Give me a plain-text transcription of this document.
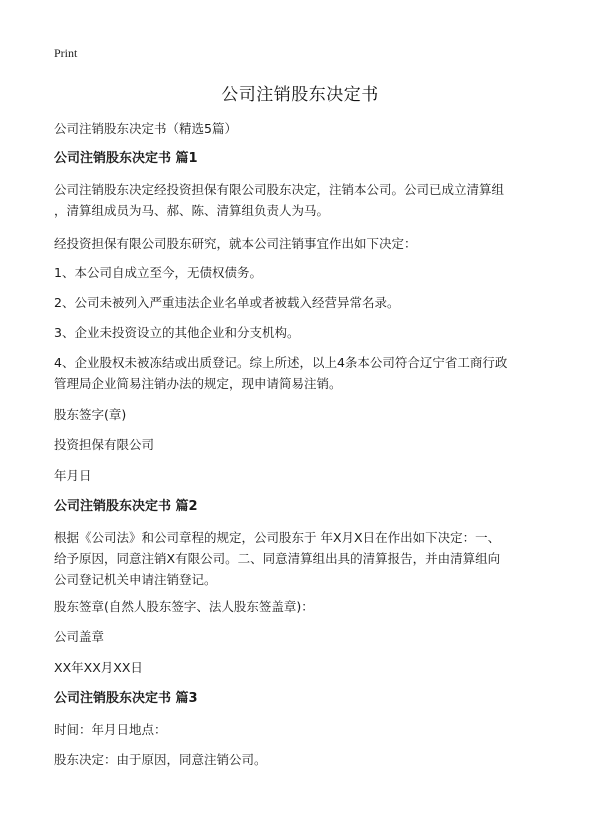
Print
公司注销股东决定书
公司注销股东决定书（精选5篇）
公司注销股东决定书 篇1
公司注销股东决定经投资担保有限公司股东决定，注销本公司。公司已成立清算组
，清算组成员为马、郝、陈、清算组负责人为马。
经投资担保有限公司股东研究，就本公司注销事宜作出如下决定：
1、本公司自成立至今，无债权债务。
2、公司未被列入严重违法企业名单或者被载入经营异常名录。
3、企业未投资设立的其他企业和分支机构。
4、企业股权未被冻结或出质登记。综上所述，以上4条本公司符合辽宁省工商行政
管理局企业简易注销办法的规定，现申请简易注销。
股东签字(章)
投资担保有限公司
年月日
公司注销股东决定书 篇2
根据《公司法》和公司章程的规定，公司股东于 年X月X日在作出如下决定：一、
给予原因，同意注销X有限公司。二、同意清算组出具的清算报告，并由清算组向
公司登记机关申请注销登记。
股东签章(自然人股东签字、法人股东签盖章)：
公司盖章
XX年XX月XX日
公司注销股东决定书 篇3
时间：年月日地点：
股东决定：由于原因，同意注销公司。
